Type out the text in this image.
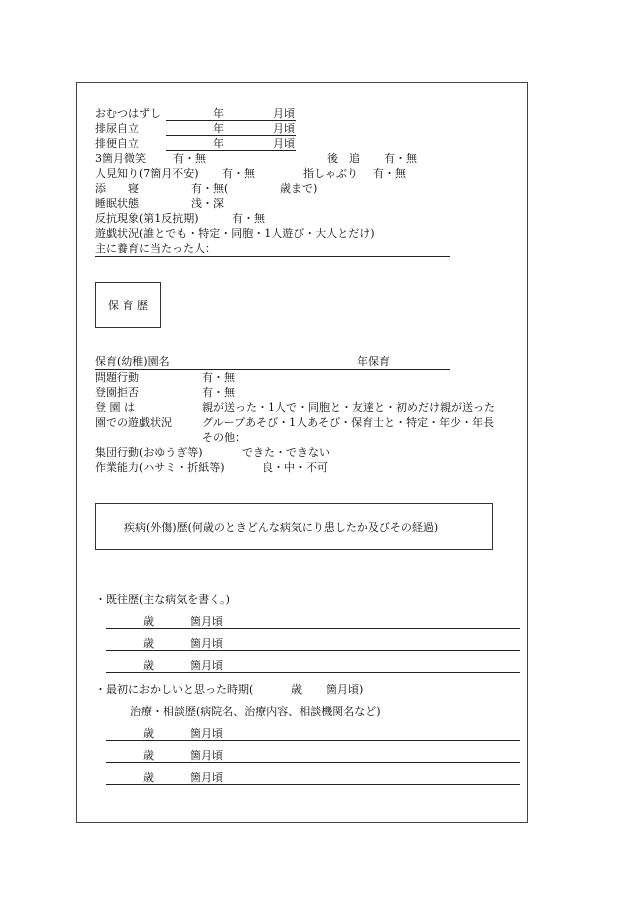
おむつはずし	年	月頃
排尿自立	年	月頃
排便自立	年	月頃
3箇月微笑 有・無	後　追 有・無
人見知り(7箇月不安) 有・無	指しゃぶり 有・無
添　　寝	有・無(	歳まで)
睡眠状態	浅・深
反抗現象(第1反抗期)	有・無
遊戯状況(誰とでも・特定・同胞・1人遊び・大人とだけ)
主に養育に当たった人：
保 育 歴
保育(幼稚)園名	年保育
問題行動	有・無
登園拒否	有・無
登 園 は	親が送った・1人で・同胞と・友達と・初めだけ親が送った
園での遊戯状況	グループあそび・1人あそび・保育士と・特定・年少・年長
その他：
集団行動(おゆうぎ等)	できた・できない
作業能力(ハサミ・折紙等)	良・中・不可
疾病(外傷)歴(何歳のときどんな病気にり患したか及びその経過)
・既往歴(主な病気を書く。)
歳	箇月頃
歳	箇月頃
歳	箇月頃
・最初におかしいと思った時期(	歳 箇月頃)
治療・相談歴(病院名、治療内容、相談機関名など)
歳	箇月頃
歳	箇月頃
歳	箇月頃
